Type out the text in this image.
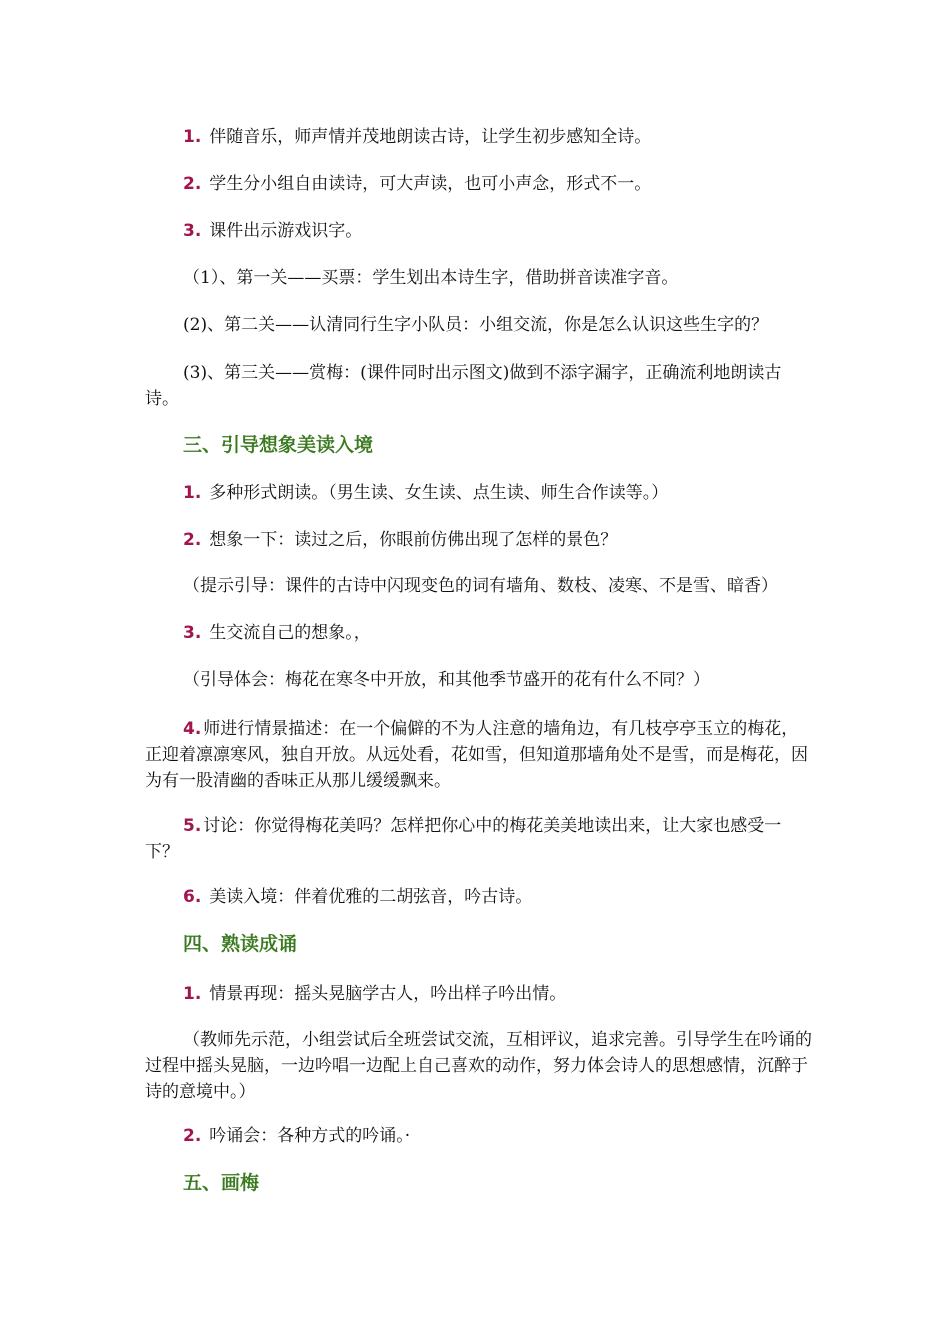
1. 伴随音乐，师声情并茂地朗读古诗，让学生初步感知全诗。
2. 学生分小组自由读诗，可大声读，也可小声念，形式不一。
3. 课件出示游戏识字。
（1）、第一关——买票：学生划出本诗生字，借助拼音读准字音。
(2)、第二关——认清同行生字小队员：小组交流，你是怎么认识这些生字的？
(3)、第三关——赏梅：(课件同时出示图文)做到不添字漏字，正确流利地朗读古诗。
三、引导想象美读入境
1. 多种形式朗读。（男生读、女生读、点生读、师生合作读等。）
2. 想象一下：读过之后，你眼前仿佛出现了怎样的景色？
（提示引导：课件的古诗中闪现变色的词有墙角、数枝、凌寒、不是雪、暗香）
3. 生交流自己的想象。，
（引导体会：梅花在寒冬中开放，和其他季节盛开的花有什么不同？）
4. 师进行情景描述：在一个偏僻的不为人注意的墙角边，有几枝亭亭玉立的梅花，正迎着凛凛寒风，独自开放。从远处看，花如雪，但知道那墙角处不是雪，而是梅花，因为有一股清幽的香味正从那儿缓缓飘来。
5. 讨论：你觉得梅花美吗？怎样把你心中的梅花美美地读出来，让大家也感受一下？
6. 美读入境：伴着优雅的二胡弦音，吟古诗。
四、熟读成诵
1. 情景再现：摇头晃脑学古人，吟出样子吟出情。
（教师先示范，小组尝试后全班尝试交流，互相评议，追求完善。引导学生在吟诵的过程中摇头晃脑，一边吟唱一边配上自己喜欢的动作，努力体会诗人的思想感情，沉醉于诗的意境中。）
2. 吟诵会：各种方式的吟诵。·
五、画梅
